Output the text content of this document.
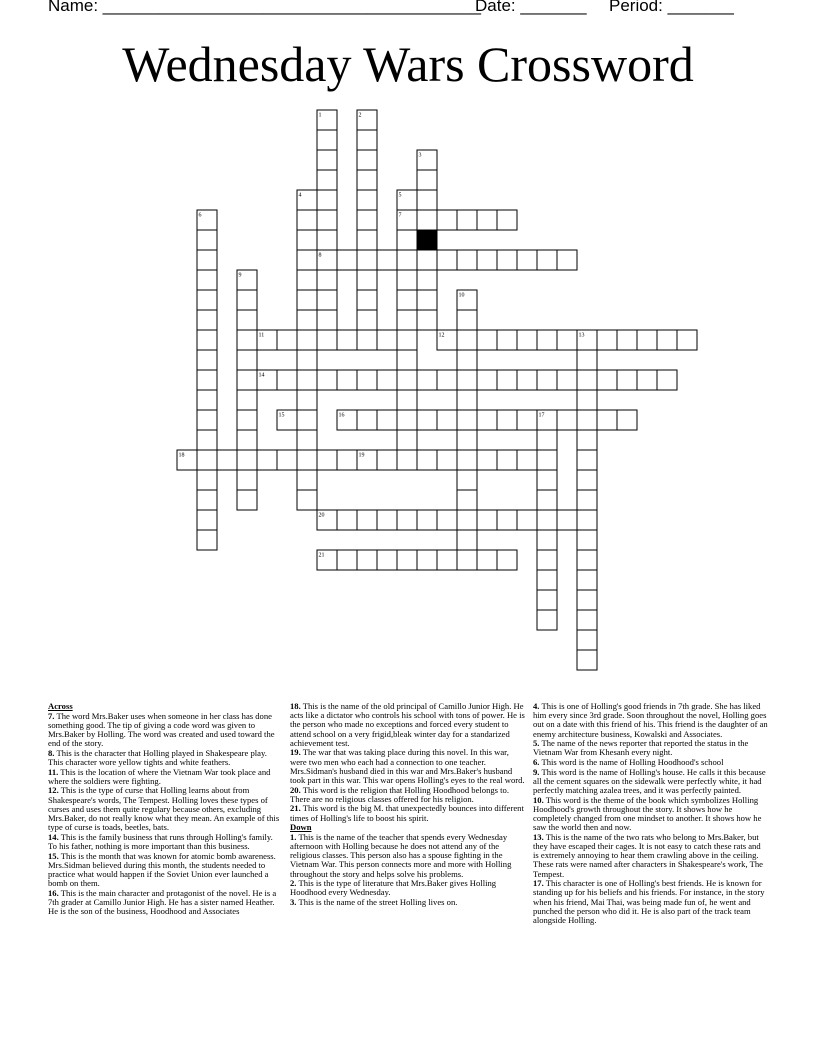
Name: ________________________________________
Date: _______ Period: _______
Wednesday Wars Crossword
1	2
3
4	5
6	7
8
9
10
11	12	13
14
15	16	17
18	19
20
21

Across

7. The word Mrs.Baker uses when someone in her class has done something good. The tip of giving a code word was given to Mrs.Baker by Holling. The word was created and used toward the end of the story.

8. This is the character that Holling played in Shakespeare play. This character wore yellow tights and white feathers.

11. This is the location of where the Vietnam War took place and where the soldiers were fighting.

12. This is the type of curse that Holling learns about from Shakespeare's words, The Tempest. Holling loves these types of curses and uses them quite regulary because others, excluding Mrs.Baker, do not really know what they mean. An example of this type of curse is toads, beetles, bats.

14. This is the family business that runs through Holling's family. To his father, nothing is more important than this business.

15. This is the month that was known for atomic bomb awareness. Mrs.Sidman believed during this month, the students needed to practice what would happen if the Soviet Union ever launched a bomb on them.

16. This is the main character and protagonist of the novel. He is a 7th grader at Camillo Junior High. He has a sister named Heather. He is the son of the business, Hoodhood and Associates

18. This is the name of the old principal of Camillo Junior High. He acts like a dictator who controls his school with tons of power. He is the person who made no exceptions and forced every student to attend school on a very frigid,bleak winter day for a standarized achievement test.

19. The war that was taking place during this novel. In this war, were two men who each had a connection to one teacher. Mrs.Sidman's husband died in this war and Mrs.Baker's husband took part in this war. This war opens Holling's eyes to the real word.

20. This word is the religion that Holling Hoodhood belongs to. There are no religious classes offered for his religion.

21. This word is the big M. that unexpectedly bounces into different times of Holling's life to boost his spirit.

Down

1. This is the name of the teacher that spends every Wednesday afternoon with Holling because he does not attend any of the religious classes. This person also has a spouse fighting in the Vietnam War. This person connects more and more with Holling throughout the story and helps solve his problems.

2. This is the type of literature that Mrs.Baker gives Holling Hoodhood every Wednesday.

3. This is the name of the street Holling lives on.

4. This is one of Holling's good friends in 7th grade. She has liked him every since 3rd grade. Soon throughout the novel, Holling goes out on a date with this friend of his. This friend is the daughter of an enemy architecture business, Kowalski and Associates.

5. The name of the news reporter that reported the status in the Vietnam War from Khesanh every night.

6. This word is the name of Holling Hoodhood's school

9. This word is the name of Holling's house. He calls it this because all the cement squares on the sidewalk were perfectly white, it had perfectly matching azalea trees, and it was perfectly painted.

10. This word is the theme of the book which symbolizes Holling Hoodhood's growth throughout the story. It shows how he completely changed from one mindset to another. It shows how he saw the world then and now.

13. This is the name of the two rats who belong to Mrs.Baker, but they have escaped their cages. It is not easy to catch these rats and is extremely annoying to hear them crawling above in the ceiling. These rats were named after characters in Shakespeare's work, The Tempest.

17. This character is one of Holling's best friends. He is known for standing up for his beliefs and his friends. For instance, in the story when his friend, Mai Thai, was being made fun of, he went and punched the person who did it. He is also part of the track team alongside Holling.
